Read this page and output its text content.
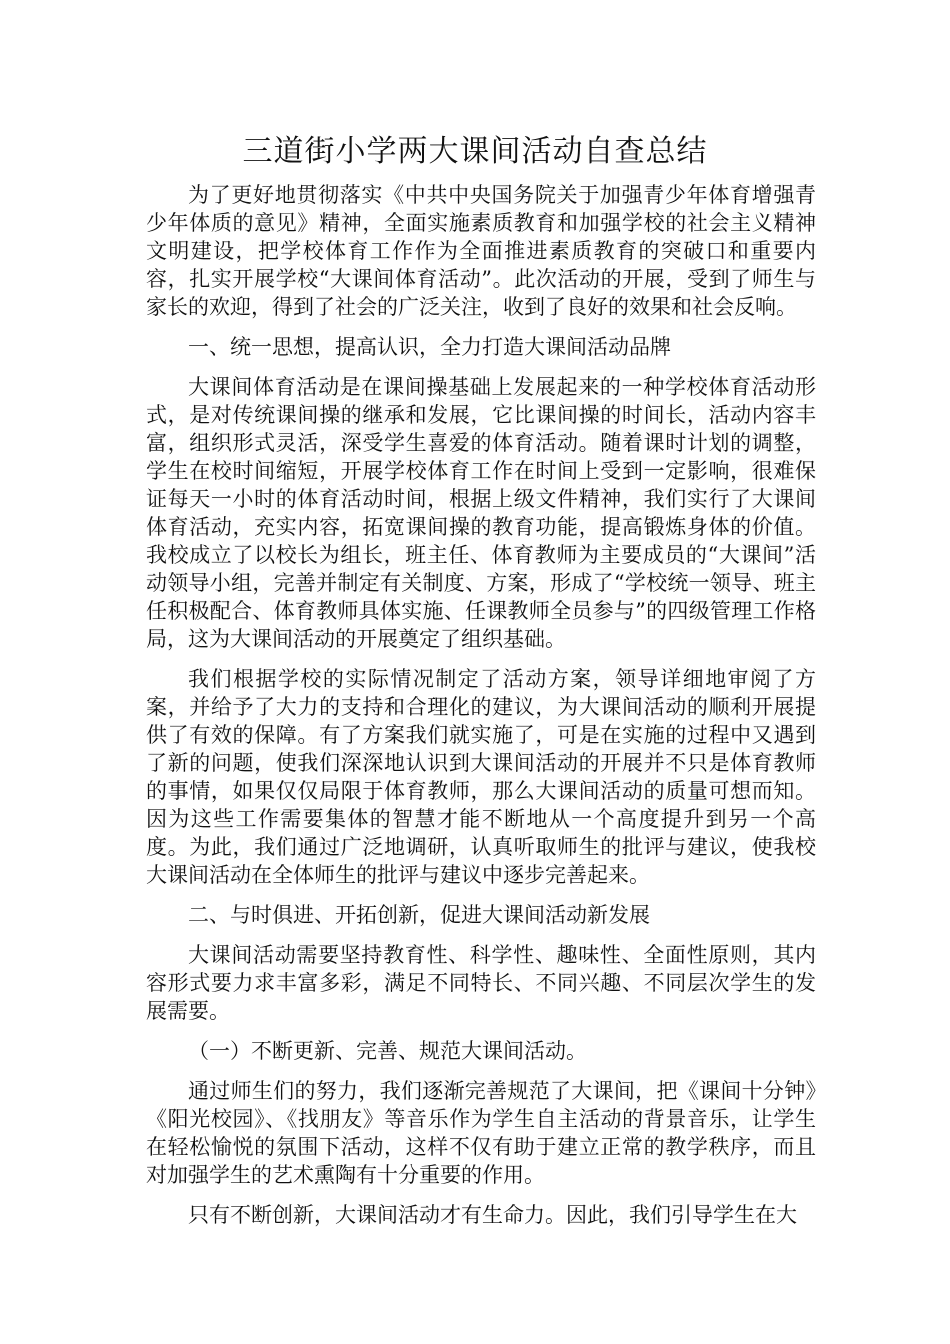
三道街小学两大课间活动自查总结

为了更好地贯彻落实《中共中央国务院关于加强青少年体育增强青少年体质的意见》精神，全面实施素质教育和加强学校的社会主义精神文明建设，把学校体育工作作为全面推进素质教育的突破口和重要内容，扎实开展学校“大课间体育活动”。此次活动的开展，受到了师生与家长的欢迎，得到了社会的广泛关注，收到了良好的效果和社会反响。

一、统一思想，提高认识，全力打造大课间活动品牌

大课间体育活动是在课间操基础上发展起来的一种学校体育活动形式，是对传统课间操的继承和发展，它比课间操的时间长，活动内容丰富，组织形式灵活，深受学生喜爱的体育活动。随着课时计划的调整，学生在校时间缩短，开展学校体育工作在时间上受到一定影响，很难保证每天一小时的体育活动时间，根据上级文件精神，我们实行了大课间体育活动，充实内容，拓宽课间操的教育功能，提高锻炼身体的价值。我校成立了以校长为组长，班主任、体育教师为主要成员的“大课间”活动领导小组，完善并制定有关制度、方案，形成了“学校统一领导、班主任积极配合、体育教师具体实施、任课教师全员参与”的四级管理工作格局，这为大课间活动的开展奠定了组织基础。

我们根据学校的实际情况制定了活动方案，领导详细地审阅了方案，并给予了大力的支持和合理化的建议，为大课间活动的顺利开展提供了有效的保障。有了方案我们就实施了，可是在实施的过程中又遇到了新的问题，使我们深深地认识到大课间活动的开展并不只是体育教师的事情，如果仅仅局限于体育教师，那么大课间活动的质量可想而知。因为这些工作需要集体的智慧才能不断地从一个高度提升到另一个高度。为此，我们通过广泛地调研，认真听取师生的批评与建议，使我校大课间活动在全体师生的批评与建议中逐步完善起来。

二、与时俱进、开拓创新，促进大课间活动新发展

大课间活动需要坚持教育性、科学性、趣味性、全面性原则，其内容形式要力求丰富多彩，满足不同特长、不同兴趣、不同层次学生的发展需要。

（一）不断更新、完善、规范大课间活动。

通过师生们的努力，我们逐渐完善规范了大课间，把《课间十分钟》《阳光校园》、《找朋友》等音乐作为学生自主活动的背景音乐，让学生在轻松愉悦的氛围下活动，这样不仅有助于建立正常的教学秩序，而且对加强学生的艺术熏陶有十分重要的作用。

只有不断创新，大课间活动才有生命力。因此，我们引导学生在大
